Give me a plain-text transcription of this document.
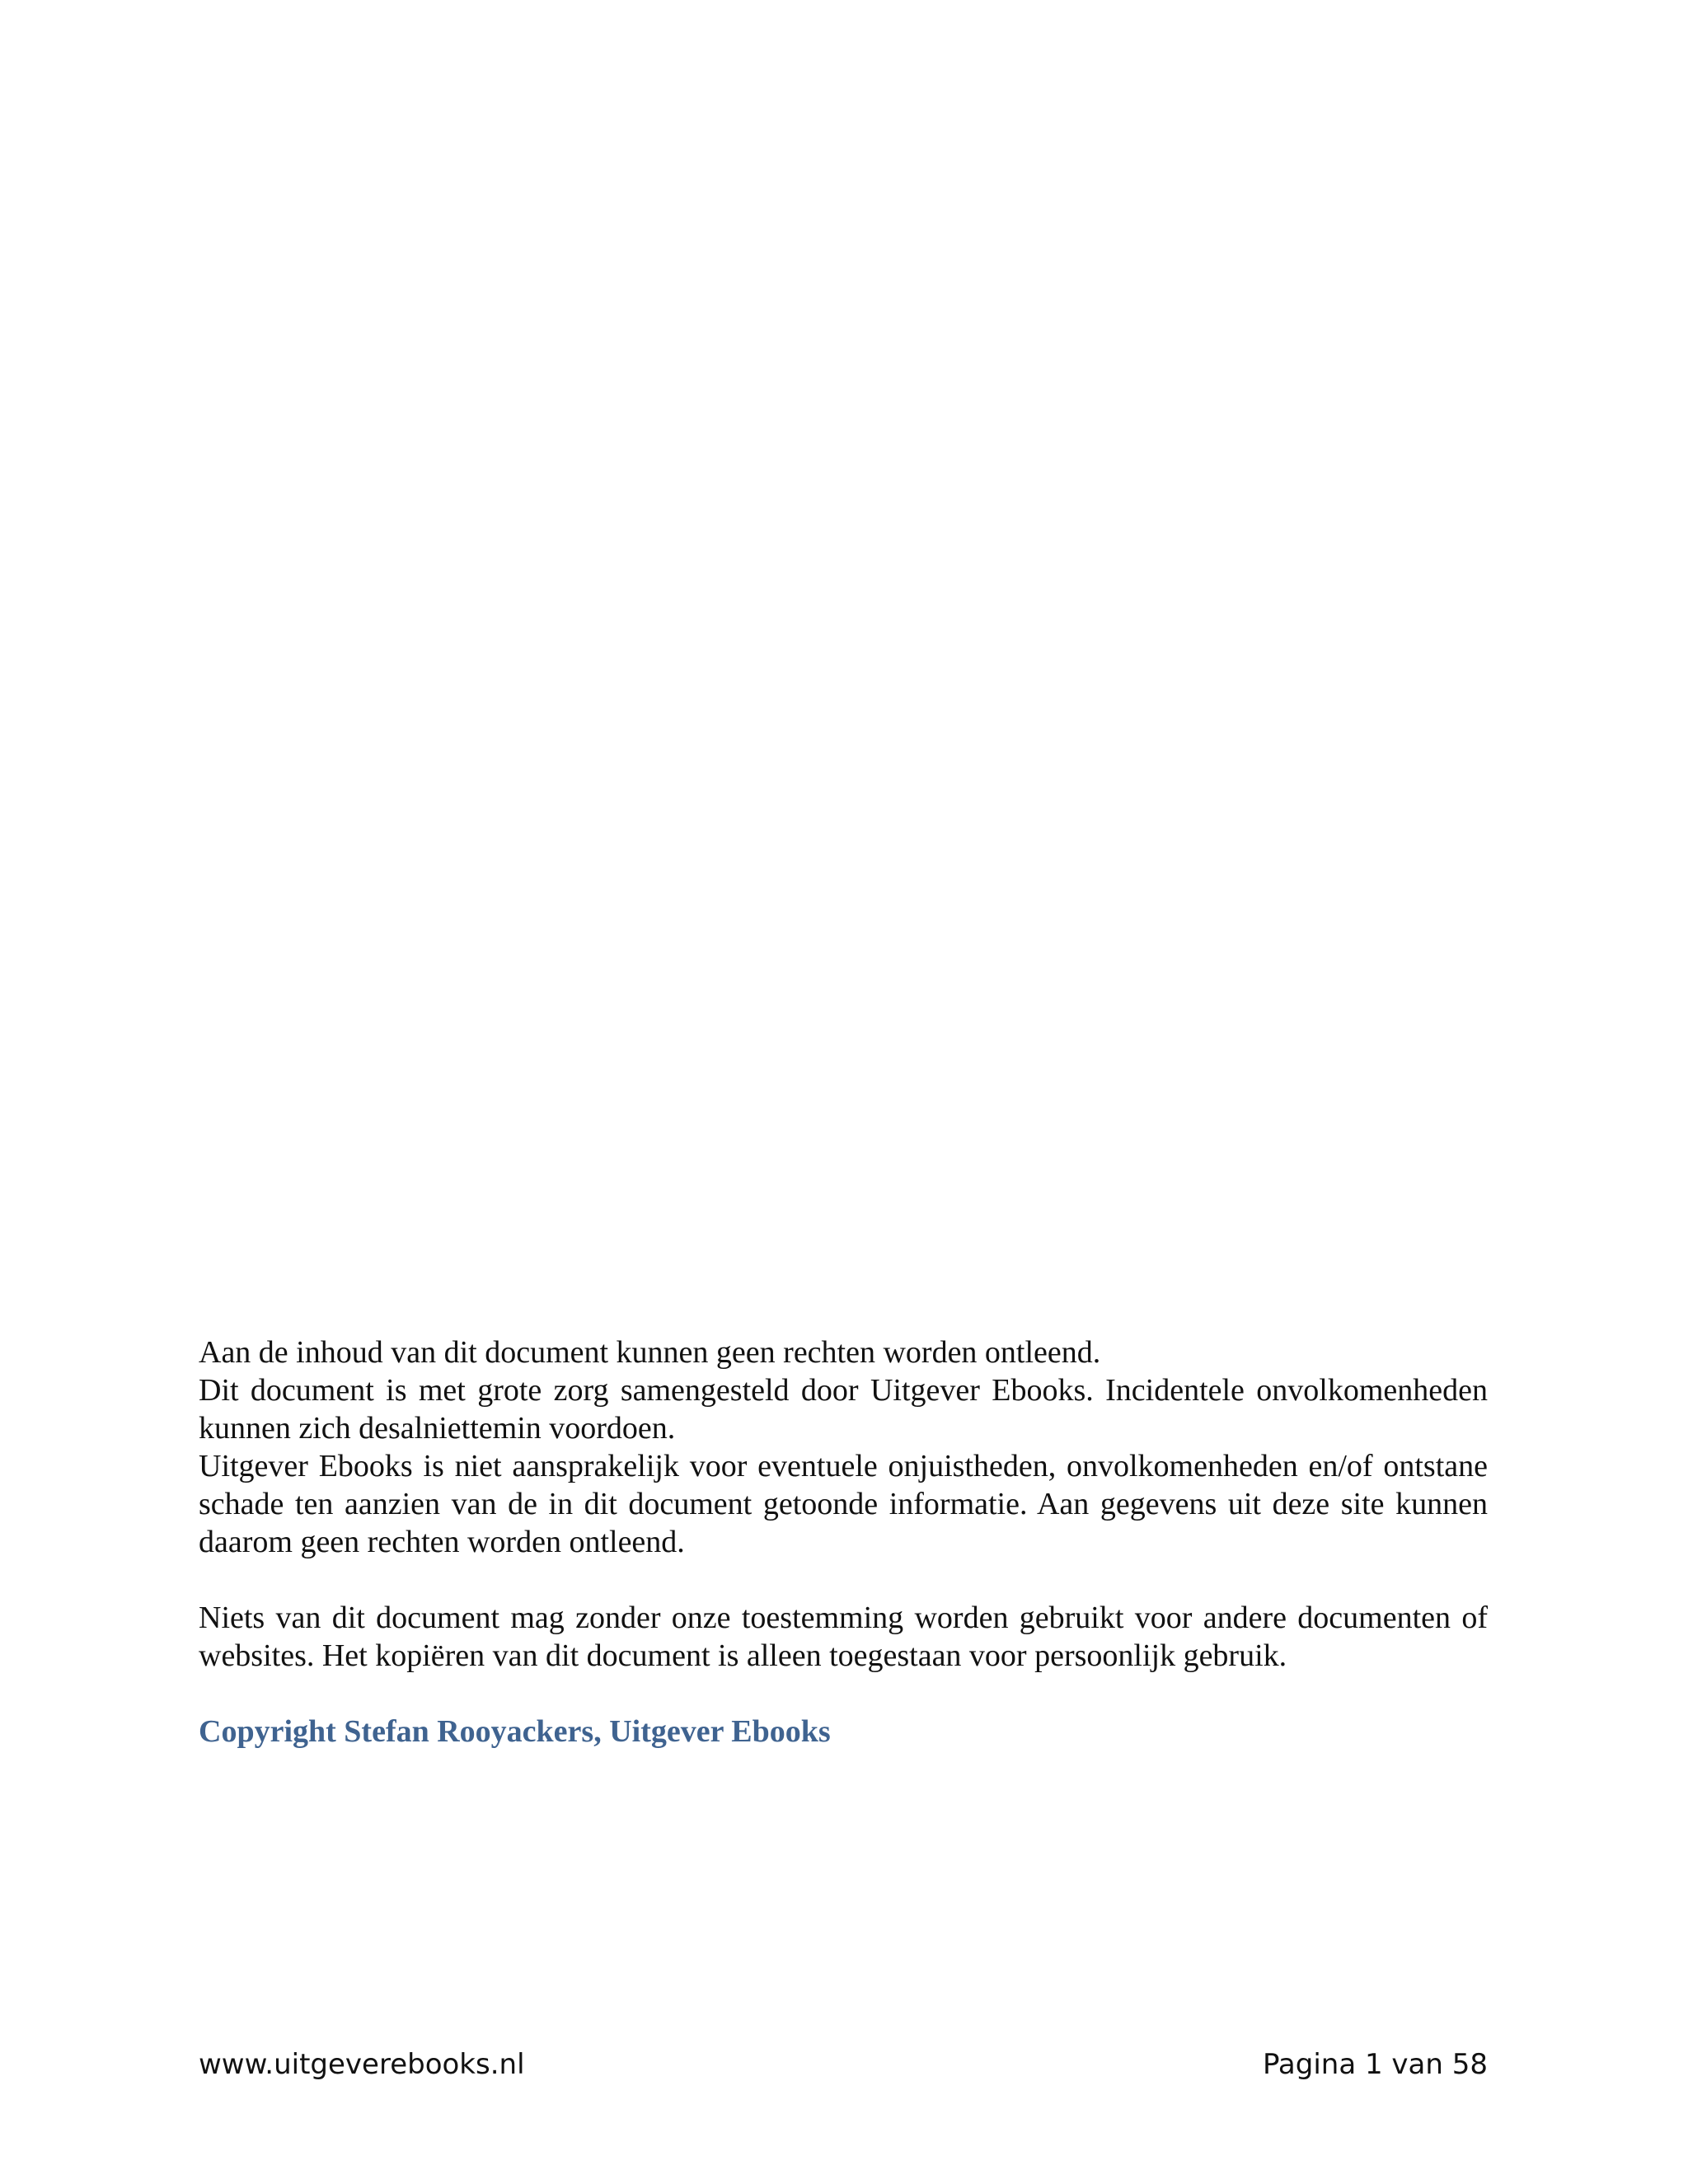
Aan de inhoud van dit document kunnen geen rechten worden ontleend.

Dit document is met grote zorg samengesteld door Uitgever Ebooks. Incidentele onvolkomenheden kunnen zich desalniettemin voordoen.

Uitgever Ebooks is niet aansprakelijk voor eventuele onjuistheden, onvolkomenheden en/of ontstane schade ten aanzien van de in dit document getoonde informatie. Aan gegevens uit deze site kunnen daarom geen rechten worden ontleend.

Niets van dit document mag zonder onze toestemming worden gebruikt voor andere documenten of websites. Het kopiëren van dit document is alleen toegestaan voor persoonlijk gebruik.

Copyright Stefan Rooyackers, Uitgever Ebooks

www.uitgeverebooks.nl	Pagina 1 van 58
